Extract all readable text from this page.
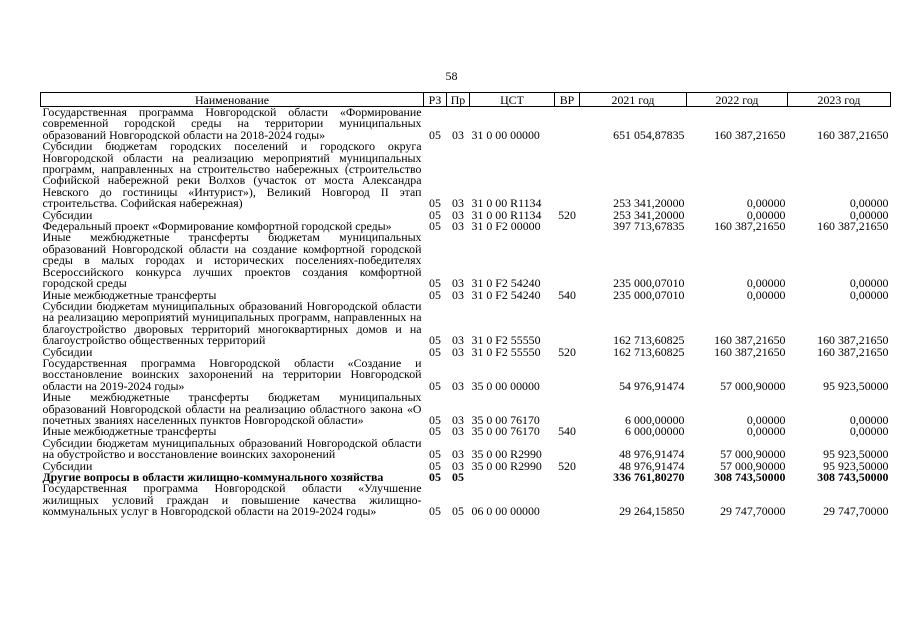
58
Наименование	РЗ	Пр	ЦСТ	ВР	2021 год	2022 год	2023 год
Государственная программа Новгородской области «Формирование современной городской среды на территории муниципальных образований Новгородской области на 2018-2024 годы»	05	03	31 0 00 00000		651 054,87835	160 387,21650	160 387,21650
Субсидии бюджетам городских поселений и городского округа Новгородской области на реализацию мероприятий муниципальных программ, направленных на строительство набережных (строительство Софийской набережной реки Волхов (участок от моста Александра Невского до гостиницы «Интурист»), Великий Новгород II этап строительства. Софийская набережная)	05	03	31 0 00 R1134		253 341,20000	0,00000	0,00000
Субсидии	05	03	31 0 00 R1134	520	253 341,20000	0,00000	0,00000
Федеральный проект «Формирование комфортной городской среды»	05	03	31 0 F2 00000		397 713,67835	160 387,21650	160 387,21650
Иные межбюджетные трансферты бюджетам муниципальных образований Новгородской области на создание комфортной городской среды в малых городах и исторических поселениях-победителях Всероссийского конкурса лучших проектов создания комфортной городской среды	05	03	31 0 F2 54240		235 000,07010	0,00000	0,00000
Иные межбюджетные трансферты	05	03	31 0 F2 54240	540	235 000,07010	0,00000	0,00000
Субсидии бюджетам муниципальных образований Новгородской области на реализацию мероприятий муниципальных программ, направленных на благоустройство дворовых территорий многоквартирных домов и на благоустройство общественных территорий	05	03	31 0 F2 55550		162 713,60825	160 387,21650	160 387,21650
Субсидии	05	03	31 0 F2 55550	520	162 713,60825	160 387,21650	160 387,21650
Государственная программа Новгородской области «Создание и восстановление воинских захоронений на территории Новгородской области на 2019-2024 годы»	05	03	35 0 00 00000		54 976,91474	57 000,90000	95 923,50000
Иные межбюджетные трансферты бюджетам муниципальных образований Новгородской области на реализацию областного закона «О почетных званиях населенных пунктов Новгородской области»	05	03	35 0 00 76170		6 000,00000	0,00000	0,00000
Иные межбюджетные трансферты	05	03	35 0 00 76170	540	6 000,00000	0,00000	0,00000
Субсидии бюджетам муниципальных образований Новгородской области на обустройство и восстановление воинских захоронений	05	03	35 0 00 R2990		48 976,91474	57 000,90000	95 923,50000
Субсидии	05	03	35 0 00 R2990	520	48 976,91474	57 000,90000	95 923,50000
Другие вопросы в области жилищно-коммунального хозяйства	05	05			336 761,80270	308 743,50000	308 743,50000
Государственная программа Новгородской области «Улучшение жилищных условий граждан и повышение качества жилищно-коммунальных услуг в Новгородской области на 2019-2024 годы»	05	05	06 0 00 00000		29 264,15850	29 747,70000	29 747,70000
